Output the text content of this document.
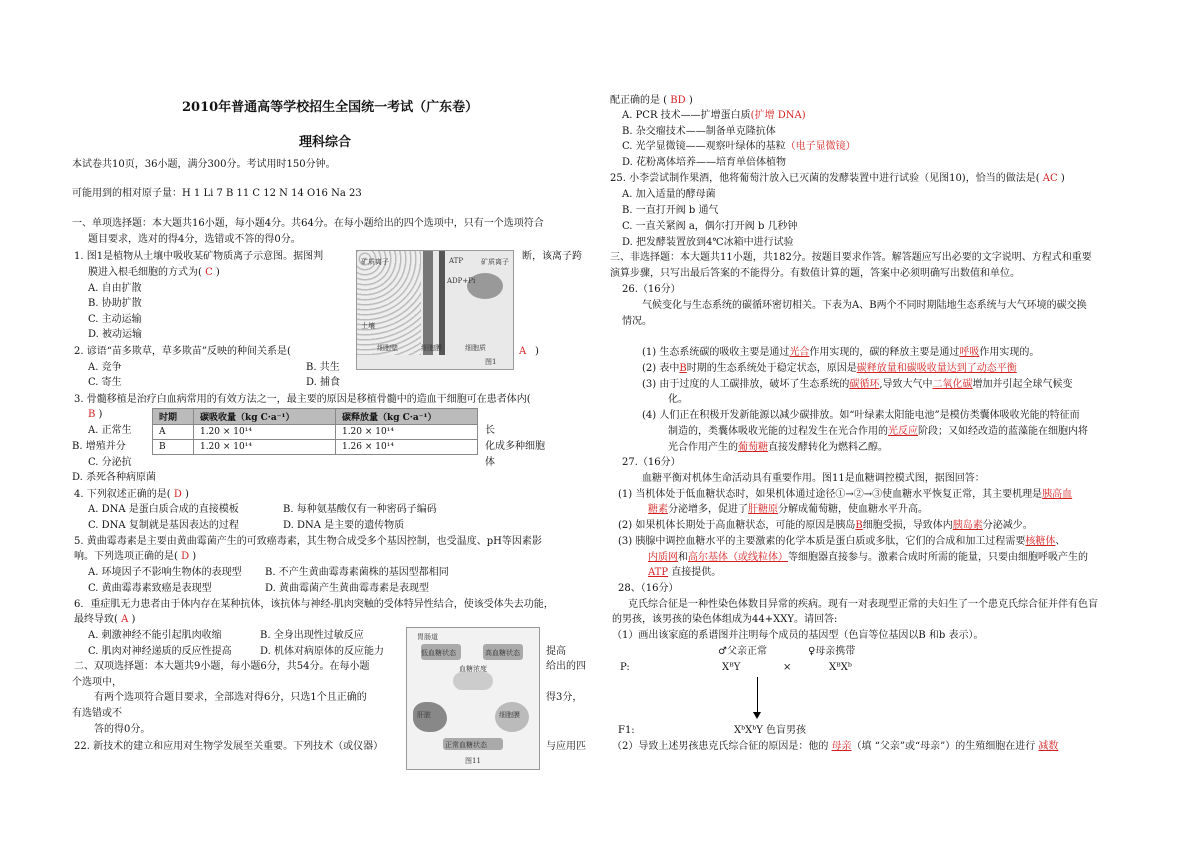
2010年普通高等学校招生全国统一考试（广东卷）
理科综合
本试卷共10页，36小题，满分300分。考试用时150分钟。
可能用到的相对原子量：H 1 Li 7 B 11 C 12 N 14 O16 Na 23
一、单项选择题：本大题共16小题，每小题4分。共64分。在每小题给出的四个选项中，只有一个选项符合
题目要求，选对的得4分，选错或不答的得0分。
1. 图1是植物从土壤中吸收某矿物质离子示意图。据图判	断，该离子跨
膜进入根毛细胞的方式为( C )
A. 自由扩散
B. 协助扩散
C. 主动运输
D. 被动运输
矿质离子
土壤
细胞壁	细胞膜
ATP
ADP+Pi
矿质离子
细胞质
图1
2. 谚语“苗多欺草，草多欺苗”反映的种间关系是(	A )
A. 竞争	B. 共生
C. 寄生	D. 捕食
3. 骨髓移植是治疗白血病常用的有效方法之一，最主要的原因是移植骨髓中的造血干细胞可在患者体内(
B )
A. 正常生
B. 增殖并分
C. 分泌抗
D. 杀死各种病原菌
长
化成多种细胞
体
时期	碳吸收量（kg C·a⁻¹）	碳释放量（kg C·a⁻¹）
A	1.20 × 10¹⁴	1.20 × 10¹⁴
B	1.20 × 10¹⁴	1.26 × 10¹⁴
4. 下列叙述正确的是( D )
A. DNA 是蛋白质合成的直接模板	B. 每种氨基酸仅有一种密码子编码
C. DNA 复制就是基因表达的过程	D. DNA 是主要的遗传物质
5. 黄曲霉毒素是主要由黄曲霉菌产生的可致癌毒素，其生物合成受多个基因控制，也受温度、pH等因素影
响。下列选项正确的是( D )
A. 环境因子不影响生物体的表现型 B. 不产生黄曲霉毒素菌株的基因型都相同
C. 黄曲霉毒素致癌是表现型	D. 黄曲霉菌产生黄曲霉毒素是表现型
6．重症肌无力患者由于体内存在某种抗体，该抗体与神经-肌肉突触的受体特异性结合，使该受体失去功能，
最终导致( A )
A. 刺激神经不能引起肌肉收缩	B. 全身出现性过敏反应
C. 肌肉对神经递质的反应性提高	D. 机体对病原体的反应能力	提高
二、双项选择题：本大题共9小题，每小题6分，共54分。在每小题	给出的四
个选项中，
有两个选项符合题目要求，全部选对得6分，只选1个且正确的	得3分，
有选错或不
答的得0分。
22. 新技术的建立和应用对生物学发展至关重要。下列技术（或仪器）	与应用匹
胃肠道
血糖浓度
低血糖状态	高血糖状态
肝脏	细胞膜
正常血糖状态
图11
配正确的是 ( BD )
A. PCR 技术——扩增蛋白质(扩增 DNA)
B. 杂交瘤技术——制备单克隆抗体
C. 光学显微镜——观察叶绿体的基粒（电子显微镜）
D. 花粉离体培养——培育单倍体植物
25. 小李尝试制作果酒，他将葡萄汁放入已灭菌的发酵装置中进行试验（见图10)，恰当的做法是( AC )
A. 加入适量的酵母菌
B. 一直打开阀 b 通气
C. 一直关紧阀 a，偶尔打开阀 b 几秒钟
D. 把发酵装置放到4℃冰箱中进行试验
三、非选择题：本大题共11小题，共182分。按题目要求作答。解答题应写出必要的文字说明、方程式和重要
演算步骤，只写出最后答案的不能得分。有数值计算的题，答案中必须明确写出数值和单位。
26.（16分）
气候变化与生态系统的碳循环密切相关。下表为A、B两个不同时期陆地生态系统与大气环境的碳交换
情况。
(1) 生态系统碳的吸收主要是通过光合作用实现的，碳的释放主要是通过呼吸作用实现的。
(2) 表中B时期的生态系统处于稳定状态，原因是碳释放量和碳吸收量达到了动态平衡
(3) 由于过度的人工碳排放，破坏了生态系统的碳循环,导致大气中二氧化碳增加并引起全球气候变
化。
(4) 人们正在积极开发新能源以减少碳排放。如“叶绿素太阳能电池”是模仿类囊体吸收光能的特征而
制造的，类囊体吸收光能的过程发生在光合作用的光反应阶段；又如经改造的蓝藻能在细胞内将
光合作用产生的葡萄糖直接发酵转化为燃料乙醇。
27.（16分）
血糖平衡对机体生命活动具有重要作用。图11是血糖调控模式图，据图回答：
(1) 当机体处于低血糖状态时，如果机体通过途径①→②→③使血糖水平恢复正常，其主要机理是胰高血
糖素分泌增多，促进了肝糖原分解成葡萄糖，使血糖水平升高。
(2) 如果机体长期处于高血糖状态，可能的原因是胰岛B细胞受损，导致体内胰岛素分泌减少。
(3) 胰腺中调控血糖水平的主要激素的化学本质是蛋白质或多肽，它们的合成和加工过程需要核糖体、
内质网和高尔基体（或线粒体）等细胞器直接参与。激素合成时所需的能量，只要由细胞呼吸产生的
ATP 直接提供。
28、（16分）
克氏综合征是一种性染色体数目异常的疾病。现有一对表现型正常的夫妇生了一个患克氏综合征并伴有色盲
的男孩，该男孩的染色体组成为44+XXY。请回答:
（1）画出该家庭的系谱图并注明每个成员的基因型（色盲等位基因以B 和b 表示）。
♂父亲正常	♀母亲携带
P:	XᴮY	×	XᴮXᵇ
F1:	XᵇXᵇY 色盲男孩
（2）导致上述男孩患克氏综合征的原因是：他的 母亲（填 “父亲”或“母亲”）的生殖细胞在进行 减数
